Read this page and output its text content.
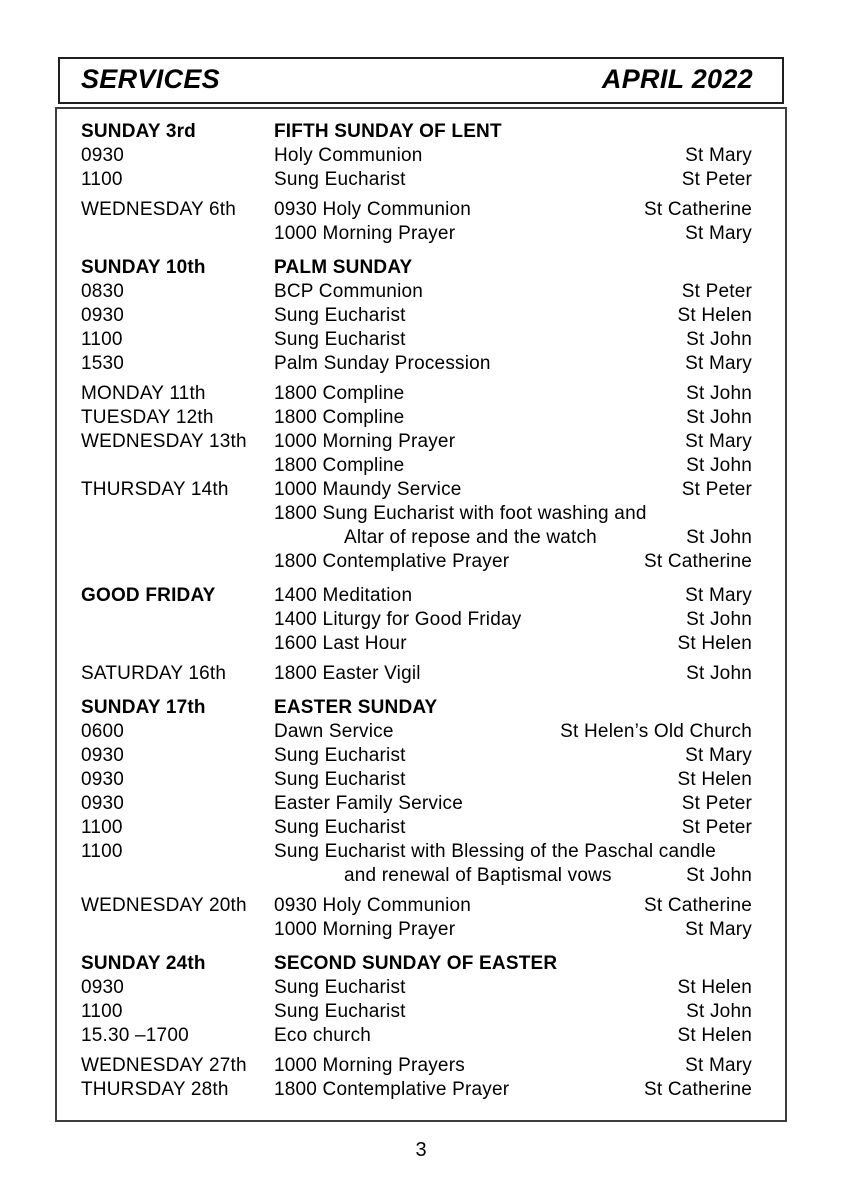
SERVICES	APRIL 2022
SUNDAY 3rd	FIFTH SUNDAY OF LENT
0930	Holy Communion	St Mary
1100	Sung Eucharist	St Peter
WEDNESDAY 6th	0930 Holy Communion	St Catherine
1000 Morning Prayer	St Mary
SUNDAY 10th	PALM SUNDAY
0830	BCP Communion	St Peter
0930	Sung Eucharist	St Helen
1100	Sung Eucharist	St John
1530	Palm Sunday Procession	St Mary
MONDAY 11th	1800 Compline	St John
TUESDAY 12th	1800 Compline	St John
WEDNESDAY 13th	1000 Morning Prayer	St Mary
1800 Compline	St John
THURSDAY 14th	1000 Maundy Service	St Peter
1800 Sung Eucharist with foot washing and
Altar of repose and the watch	St John
1800 Contemplative Prayer	St Catherine
GOOD FRIDAY	1400 Meditation	St Mary
1400 Liturgy for Good Friday	St John
1600 Last Hour	St Helen
SATURDAY 16th	1800 Easter Vigil	St John
SUNDAY 17th	EASTER SUNDAY
0600	Dawn Service	St Helen’s Old Church
0930	Sung Eucharist	St Mary
0930	Sung Eucharist	St Helen
0930	Easter Family Service	St Peter
1100	Sung Eucharist	St Peter
1100	Sung Eucharist with Blessing of the Paschal candle
and renewal of Baptismal vows	St John
WEDNESDAY 20th	0930 Holy Communion	St Catherine
1000 Morning Prayer	St Mary
SUNDAY 24th	SECOND SUNDAY OF EASTER
0930	Sung Eucharist	St Helen
1100	Sung Eucharist	St John
15.30 –1700	Eco church	St Helen
WEDNESDAY 27th	1000 Morning Prayers	St Mary
THURSDAY 28th	1800 Contemplative Prayer	St Catherine
3
